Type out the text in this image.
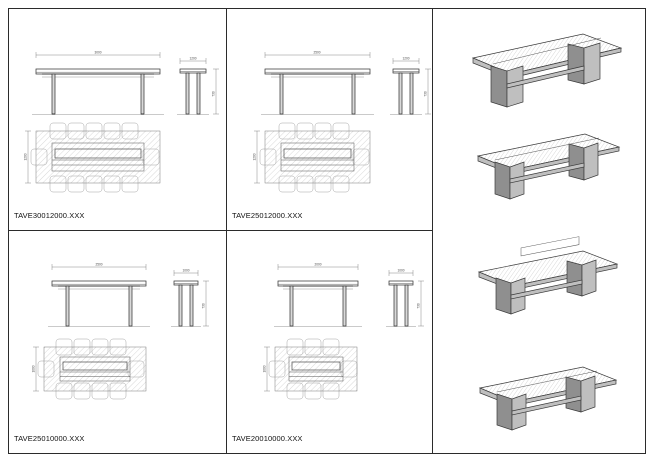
3000
730
1200
1200
TAVE30012000.XXX
2500
730
1200
1200
TAVE25012000.XXX
2500
730
1000
1000
TAVE25010000.XXX
2000
730
1000
1000
TAVE20010000.XXX
